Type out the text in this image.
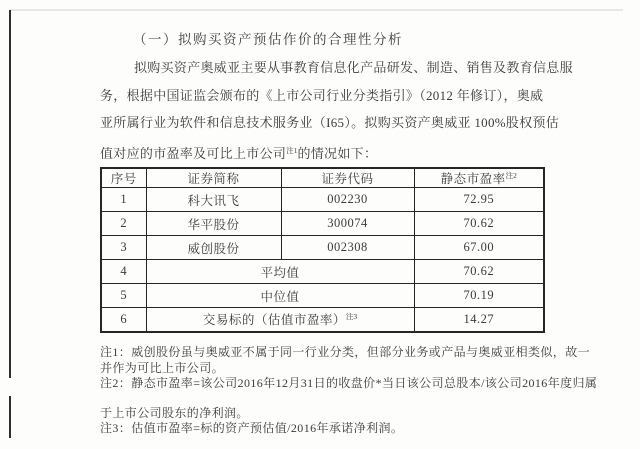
（一）拟购买资产预估作价的合理性分析
拟购买资产奥威亚主要从事教育信息化产品研发、制造、销售及教育信息服
务，根据中国证监会颁布的《上市公司行业分类指引》（2012 年修订），奥威
亚所属行业为软件和信息技术服务业（I65）。拟购买资产奥威亚 100%股权预估
值对应的市盈率及可比上市公司$^{注1}$的情况如下：
序号	证券简称	证券代码	静态市盈率$^{注2}$
1	科大讯飞	002230	72.95
2	华平股份	300074	70.62
3	威创股份	002308	67.00
4	平均值		70.62
5	中位值		70.19
6	交易标的（估值市盈率）$^{注3}$		14.27
注1：威创股份虽与奥威亚不属于同一行业分类，但部分业务或产品与奥威亚相类似，故一
并作为可比上市公司。
注2：静态市盈率=该公司2016年12月31日的收盘价*当日该公司总股本/该公司2016年度归属
于上市公司股东的净利润。
注3：估值市盈率=标的资产预估值/2016年承诺净利润。
